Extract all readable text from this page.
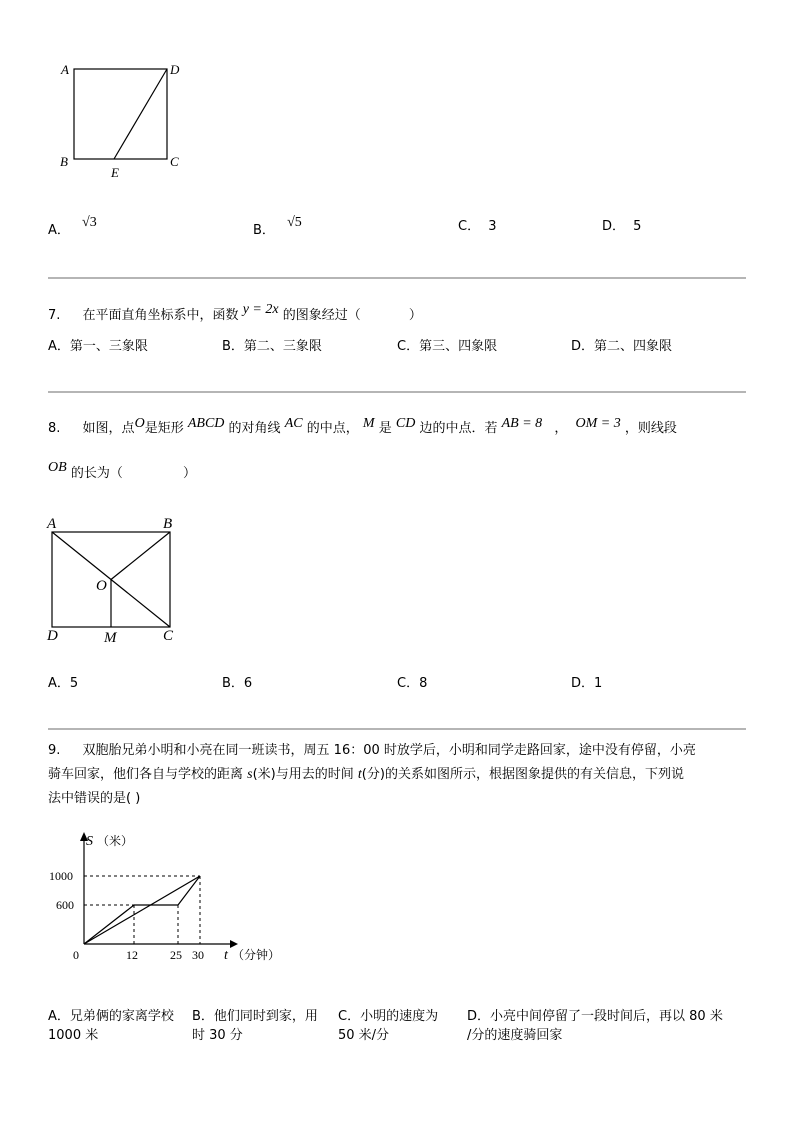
A	D
B	C
E
A． √3
B． √5	C． 3	D． 5
7. 在平面直角坐标系中，函数 y = 2x 的图象经过（	）
A．第一、三象限	B．第二、三象限	C．第三、四象限	D．第二、四象限
8. 如图，点O是矩形 ABCD 的对角线 AC 的中点， M 是 CD 边的中点．若 AB = 8 ， OM = 3 ，则线段
OB 的长为（	）
A	B
O
D	M	C
A．5	B．6	C．8	D．1
9. 双胞胎兄弟小明和小亮在同一班读书，周五 16：00 时放学后，小明和同学走路回家，途中没有停留，小亮
骑车回家，他们各自与学校的距离 s(米)与用去的时间 t(分)的关系如图所示，根据图象提供的有关信息，下列说
法中错误的是( )
S （米）
1000
600
0	12	25 30 t （分钟）
A．兄弟俩的家离学校
1000 米
B．他们同时到家，用
时 30 分
C．小明的速度为
50 米/分
D．小亮中间停留了一段时间后，再以 80 米
/分的速度骑回家
